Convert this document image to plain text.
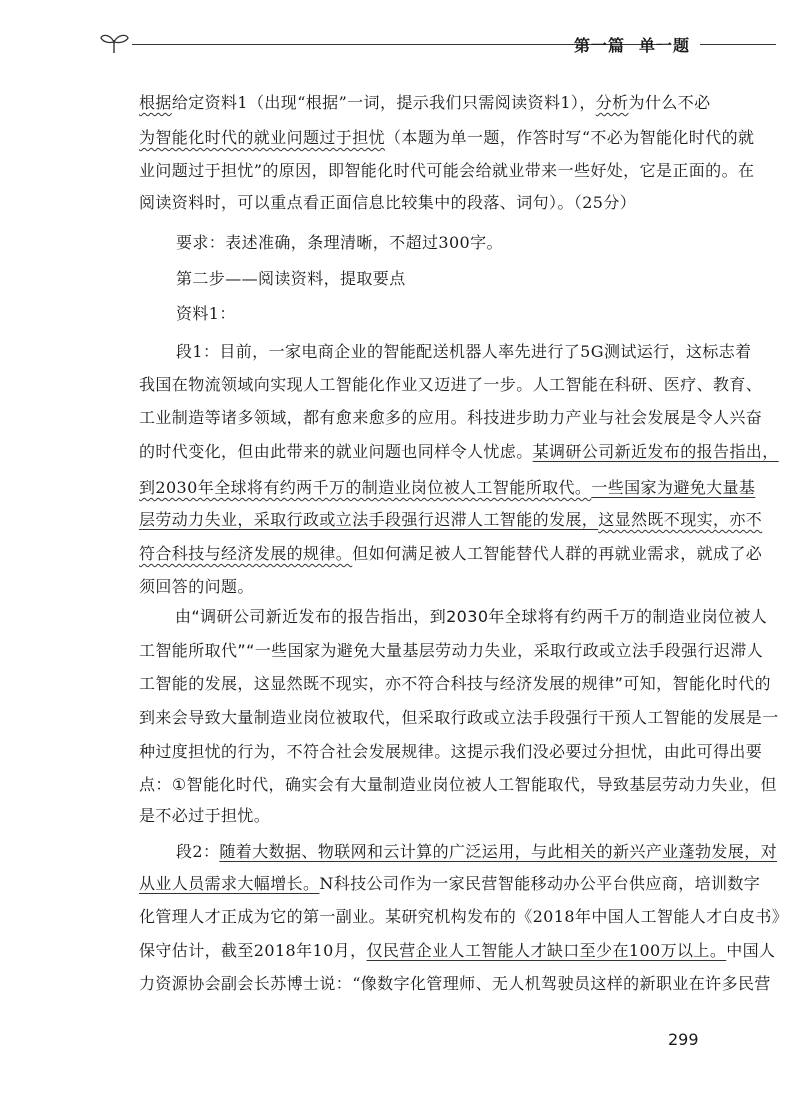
第一篇 单一题
根据给定资料1（出现“根据”一词，提示我们只需阅读资料1），分析为什么不必
为智能化时代的就业问题过于担忧（本题为单一题，作答时写“不必为智能化时代的就
业问题过于担忧”的原因，即智能化时代可能会给就业带来一些好处，它是正面的。在
阅读资料时，可以重点看正面信息比较集中的段落、词句）。（25分）
要求：表述准确，条理清晰，不超过300字。
第二步——阅读资料，提取要点
资料1：
段1：目前，一家电商企业的智能配送机器人率先进行了5G测试运行，这标志着
我国在物流领域向实现人工智能化作业又迈进了一步。人工智能在科研、医疗、教育、
工业制造等诸多领域，都有愈来愈多的应用。科技进步助力产业与社会发展是令人兴奋
的时代变化，但由此带来的就业问题也同样令人忧虑。某调研公司新近发布的报告指出，
到2030年全球将有约两千万的制造业岗位被人工智能所取代。一些国家为避免大量基
层劳动力失业，采取行政或立法手段强行迟滞人工智能的发展，这显然既不现实，亦不
符合科技与经济发展的规律。但如何满足被人工智能替代人群的再就业需求，就成了必
须回答的问题。
由“调研公司新近发布的报告指出，到2030年全球将有约两千万的制造业岗位被人
工智能所取代”“一些国家为避免大量基层劳动力失业，采取行政或立法手段强行迟滞人
工智能的发展，这显然既不现实，亦不符合科技与经济发展的规律”可知，智能化时代的
到来会导致大量制造业岗位被取代，但采取行政或立法手段强行干预人工智能的发展是一
种过度担忧的行为，不符合社会发展规律。这提示我们没必要过分担忧，由此可得出要
点：①智能化时代，确实会有大量制造业岗位被人工智能取代，导致基层劳动力失业，但
是不必过于担忧。
段2：随着大数据、物联网和云计算的广泛运用，与此相关的新兴产业蓬勃发展，对
从业人员需求大幅增长。N科技公司作为一家民营智能移动办公平台供应商，培训数字
化管理人才正成为它的第一副业。某研究机构发布的《2018年中国人工智能人才白皮书》
保守估计，截至2018年10月，仅民营企业人工智能人才缺口至少在100万以上。中国人
力资源协会副会长苏博士说：“像数字化管理师、无人机驾驶员这样的新职业在许多民营
299
